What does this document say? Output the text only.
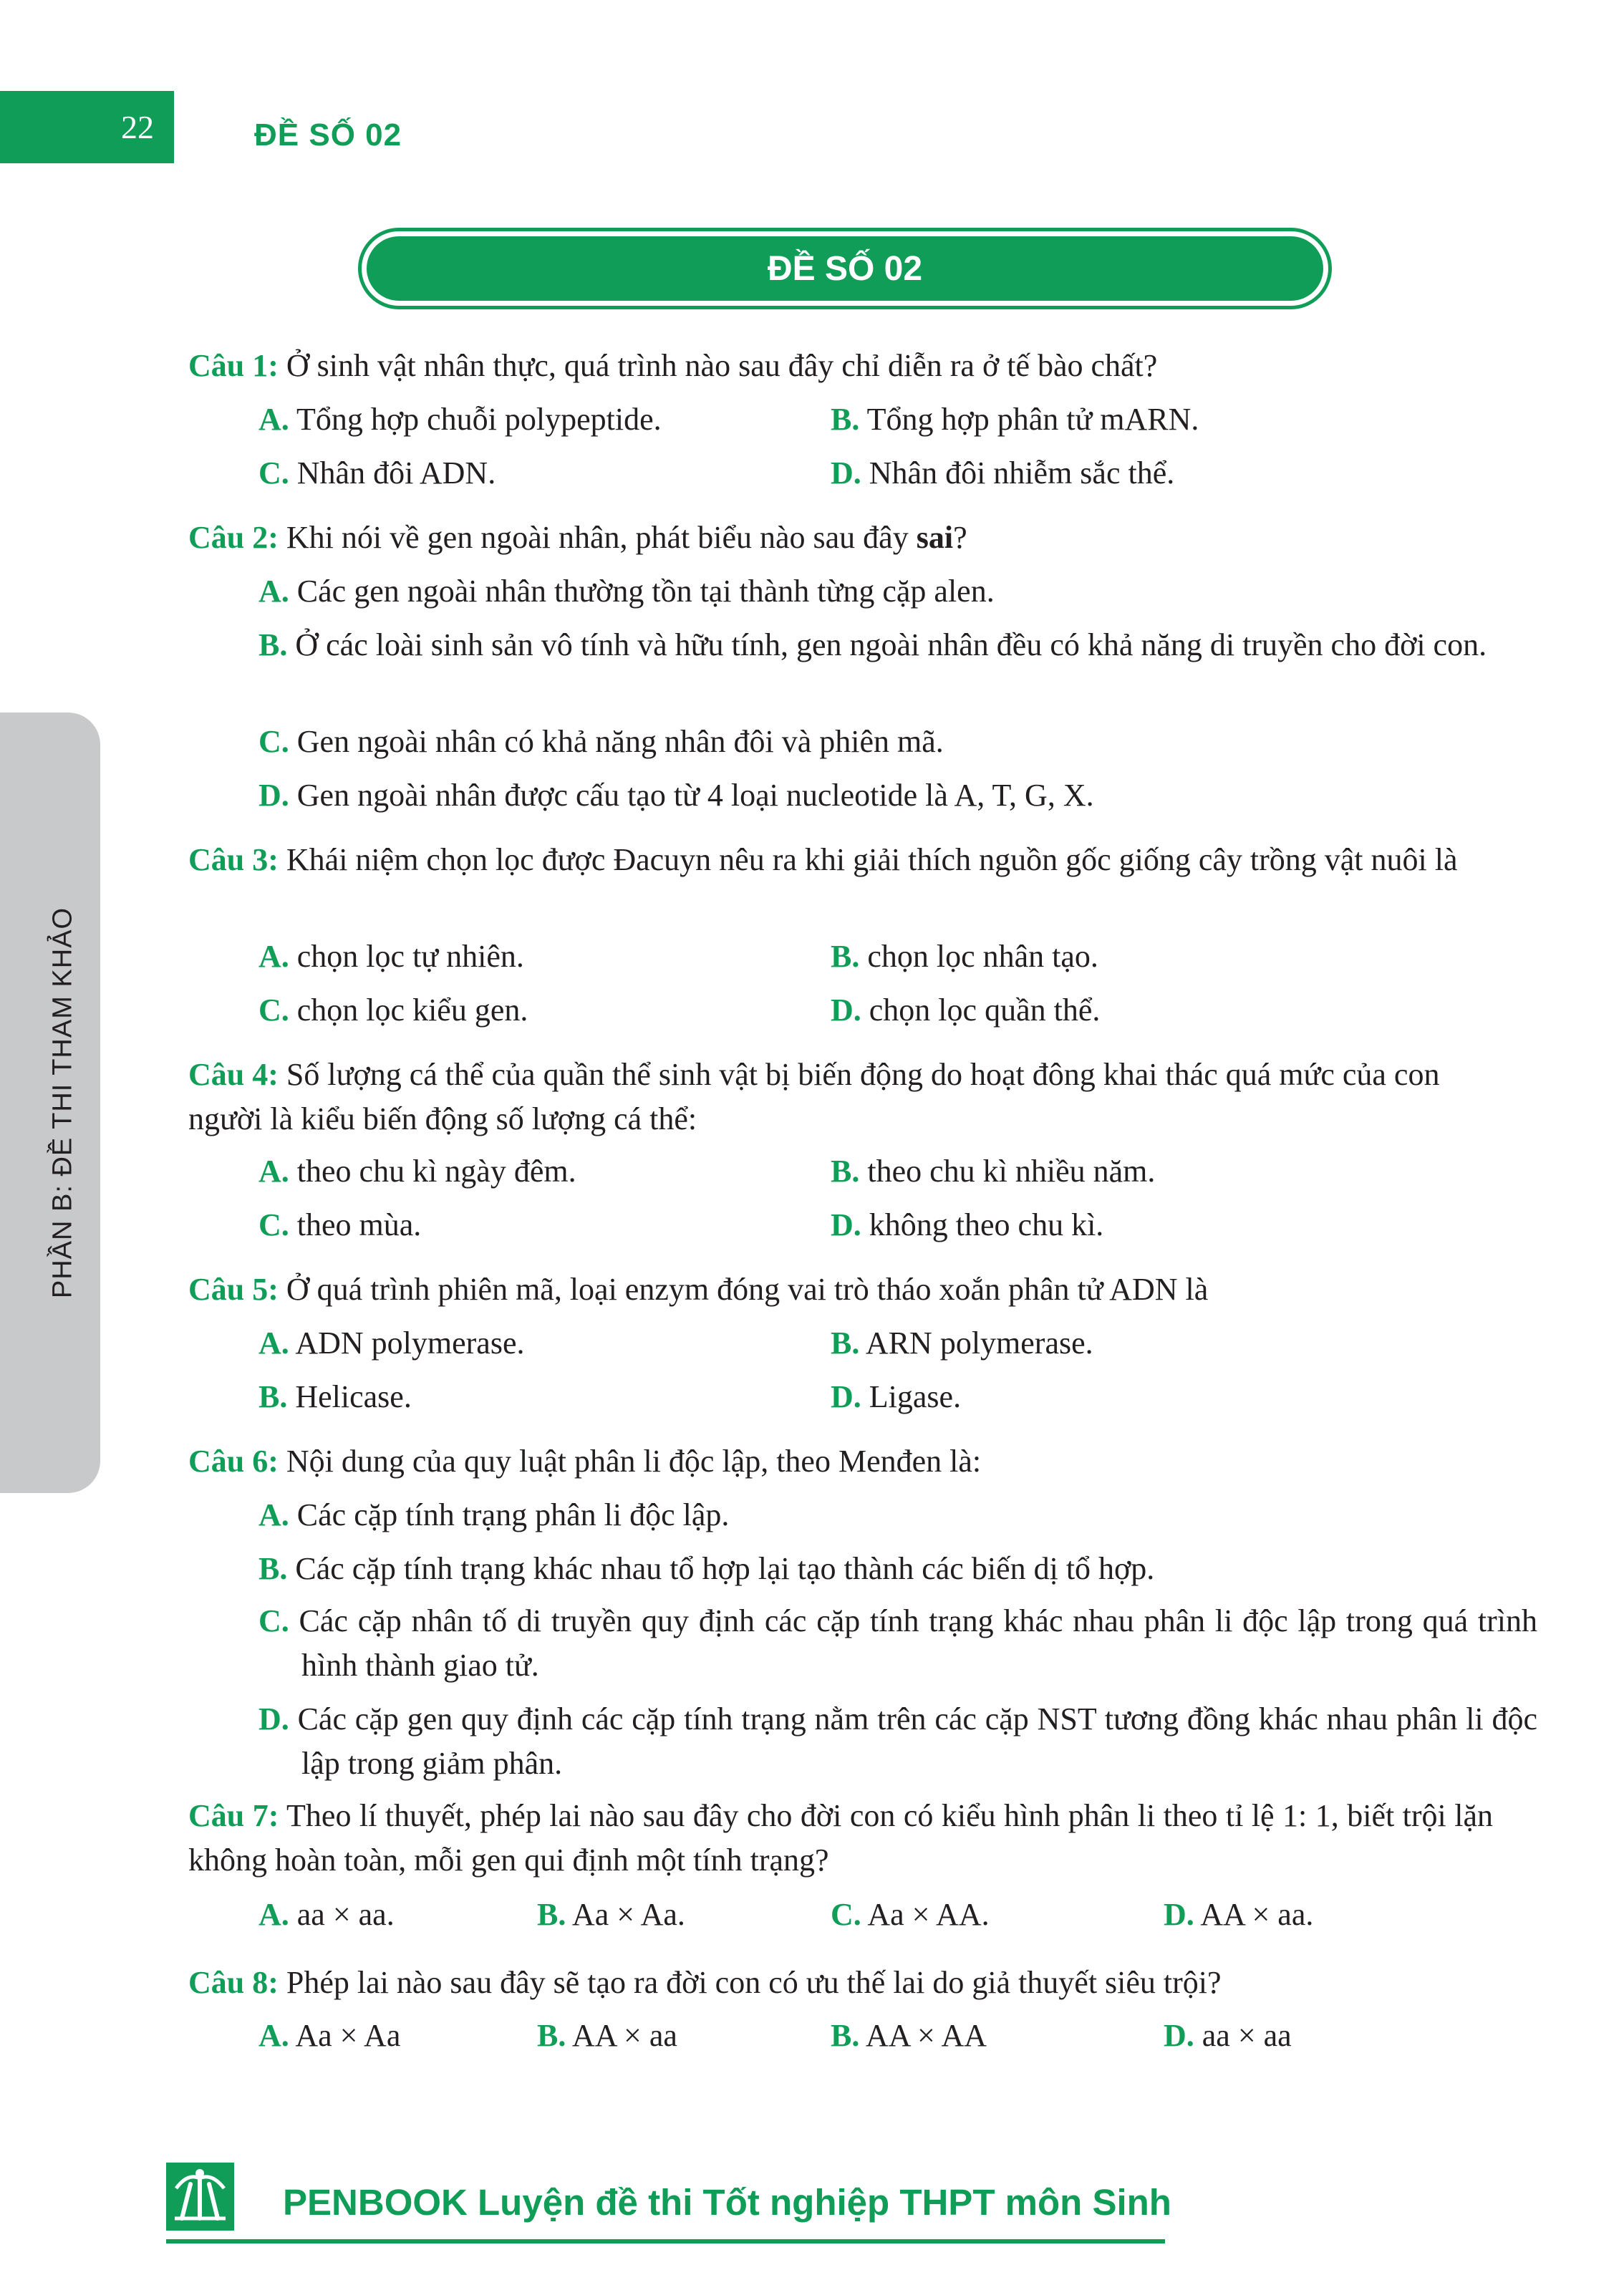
22	ĐỀ SỐ 02
ĐỀ SỐ 02
PHẦN B: ĐỀ THI THAM KHẢO
Câu 1: Ở sinh vật nhân thực, quá trình nào sau đây chỉ diễn ra ở tế bào chất?
A. Tổng hợp chuỗi polypeptide.	B. Tổng hợp phân tử mARN.
C. Nhân đôi ADN.	D. Nhân đôi nhiễm sắc thể.
Câu 2: Khi nói về gen ngoài nhân, phát biểu nào sau đây sai?
A. Các gen ngoài nhân thường tồn tại thành từng cặp alen.
B. Ở các loài sinh sản vô tính và hữu tính, gen ngoài nhân đều có khả năng di truyền cho đời con.
C. Gen ngoài nhân có khả năng nhân đôi và phiên mã.
D. Gen ngoài nhân được cấu tạo từ 4 loại nucleotide là A, T, G, X.
Câu 3: Khái niệm chọn lọc được Đacuyn nêu ra khi giải thích nguồn gốc giống cây trồng vật nuôi là
A. chọn lọc tự nhiên.	B. chọn lọc nhân tạo.
C. chọn lọc kiểu gen.	D. chọn lọc quần thể.
Câu 4: Số lượng cá thể của quần thể sinh vật bị biến động do hoạt đông khai thác quá mức của con người là kiểu biến động số lượng cá thể:
A. theo chu kì ngày đêm.	B. theo chu kì nhiều năm.
C. theo mùa.	D. không theo chu kì.
Câu 5: Ở quá trình phiên mã, loại enzym đóng vai trò tháo xoắn phân tử ADN là
A. ADN polymerase.	B. ARN polymerase.
B. Helicase.	D. Ligase.
Câu 6: Nội dung của quy luật phân li độc lập, theo Menđen là:
A. Các cặp tính trạng phân li độc lập.
B. Các cặp tính trạng khác nhau tổ hợp lại tạo thành các biến dị tổ hợp.
C. Các cặp nhân tố di truyền quy định các cặp tính trạng khác nhau phân li độc lập trong quá trình hình thành giao tử.
D. Các cặp gen quy định các cặp tính trạng nằm trên các cặp NST tương đồng khác nhau phân li độc lập trong giảm phân.
Câu 7: Theo lí thuyết, phép lai nào sau đây cho đời con có kiểu hình phân li theo tỉ lệ 1: 1, biết trội lặn không hoàn toàn, mỗi gen qui định một tính trạng?
A. aa × aa.	B. Aa × Aa.	C. Aa × AA.	D. AA × aa.
Câu 8: Phép lai nào sau đây sẽ tạo ra đời con có ưu thế lai do giả thuyết siêu trội?
A. Aa × Aa	B. AA × aa	B. AA × AA	D. aa × aa
PENBOOK Luyện đề thi Tốt nghiệp THPT môn Sinh
